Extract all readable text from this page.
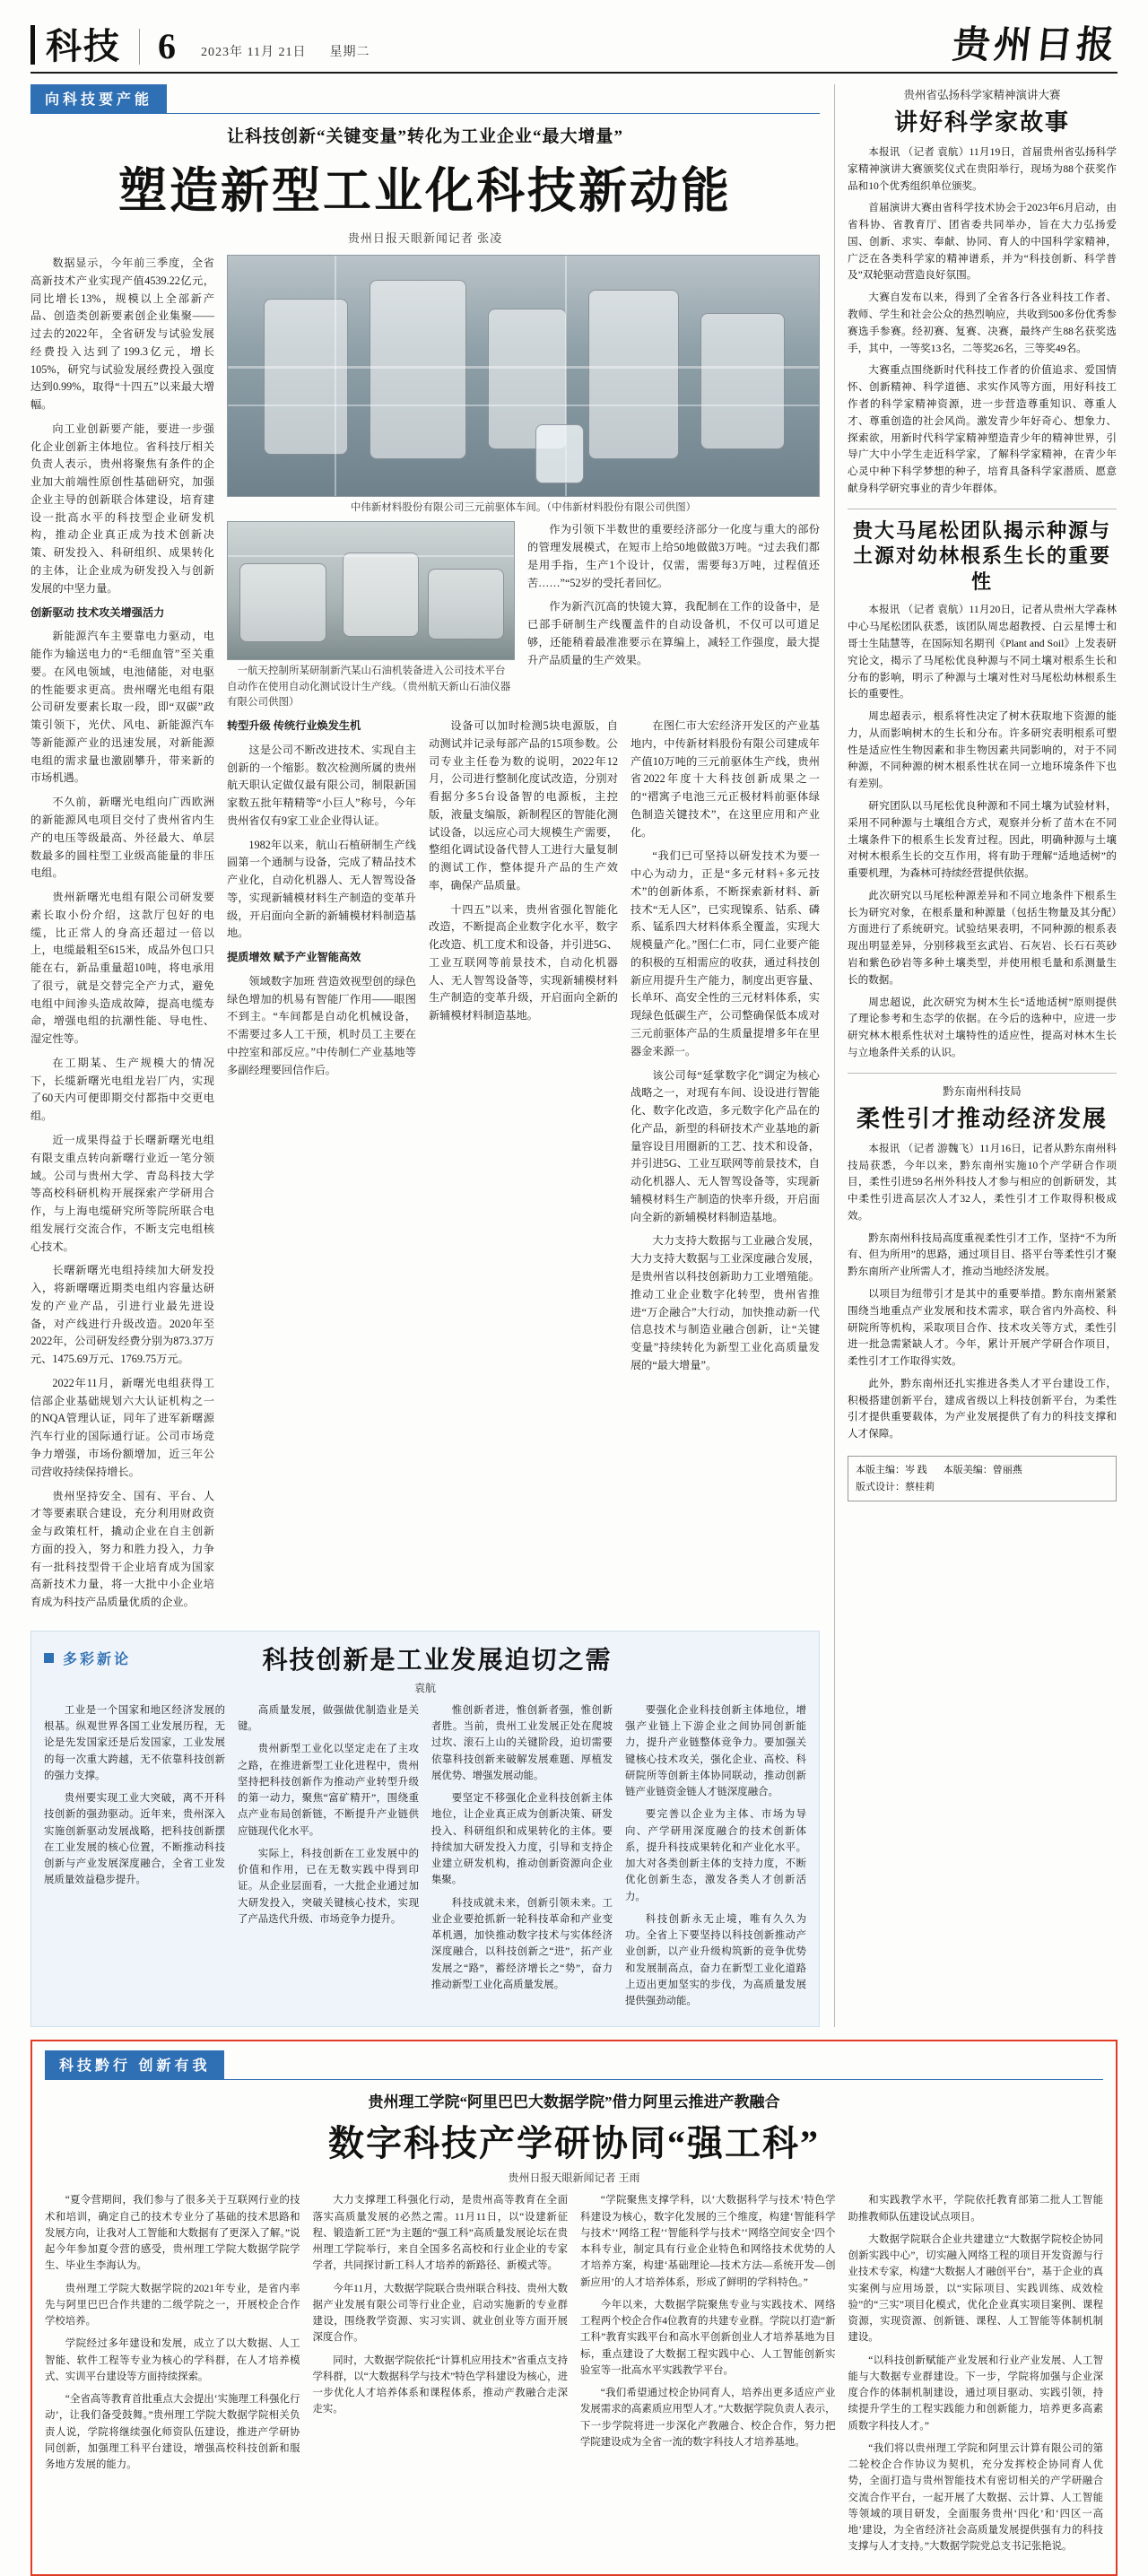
科技 6 2023年 11月 21日 星期二	贵州日报
向科技要产能
让科技创新“关键变量”转化为工业企业“最大增量”
塑造新型工业化科技新动能
贵州日报天眼新闻记者 张凌

数据显示，今年前三季度，全省高新技术产业实现产值4539.22亿元，同比增长13%，规模以上全部新产品、创造类创新要素创企业集聚——过去的2022年，全省研发与试验发展经费投入达到了199.3亿元，增长105%，研究与试验发展经费投入强度达到0.99%，取得“十四五”以来最大增幅。

向工业创新要产能，要进一步强化企业创新主体地位。省科技厅相关负责人表示，贵州将聚焦有条件的企业加大前端性原创性基础研究，加强企业主导的创新联合体建设，培育建设一批高水平的科技型企业研发机构，推动企业真正成为技术创新决策、研发投入、科研组织、成果转化的主体，让企业成为研发投入与创新发展的中坚力量。

创新驱动 技术攻关增强活力

新能源汽车主要靠电力驱动，电能作为输送电力的“毛细血管”至关重要。在风电领域，电池储能，对电驱的性能要求更高。贵州曙光电组有限公司研发要素长取一段，即“双碳”政策引领下，光伏、风电、新能源汽车等新能源产业的迅速发展，对新能源电组的需求量也激剧攀升，带来新的市场机遇。

不久前，新曙光电组向广西欧洲的新能源风电项目交付了贵州省内生产的电压等级最高、外径最大、单层数最多的圆柱型工业级高能量的非压电组。

贵州新曙光电组有限公司研发要素长取小份介绍，这款厅包好的电缆，比正常人的身高还超过一倍以上，电缆最粗至615米，成品外包口只能在右，新品重量超10吨，将电承用了很亏，就是交替完全产力式，避免电组中间渗头造成故障，提高电缆寿命，增强电组的抗潮性能、导电性、湿定性等。

在工期某、生产规模大的情况下，长缆新曙光电组龙岩厂内，实现了60天内可便即期交付都指中交更电组。

近一成果得益于长曙新曙光电组有限支重点转向新曙行业近一笔分领域。公司与贵州大学、青岛科技大学等高校科研机构开展探索产学研用合作，与上海电缆研究所等院所联合电组发展行交流合作，不断支完电组核心技术。

长曙新曙光电组持续加大研发投入，将新曙曙近期类电组内容量达研发的产业产品，引进行业最先进设备，对产线进行升级改造。2020年至2022年，公司研发经费分别为873.37万元、1475.69万元、1769.75万元。

2022年11月，新曙光电组获得工信部企业基础规划六大认证机构之一的NQA管理认证，同年了进军新曙源汽车行业的国际通行证。公司市场竞争力增强，市场份额增加，近三年公司营收持续保持增长。

贵州坚持安全、国有、平台、人才等要素联合建设，充分利用财政资金与政策杠杆，撬动企业在自主创新方面的投入，努力和胜力投入，力争有一批科技型骨干企业培育成为国家高新技术力量，将一大批中小企业培育成为科技产品质量优质的企业。

中伟新材料股份有限公司三元前驱体车间。（中伟新材料股份有限公司供图）
一航天控制所某研制新汽某山石油机装备进入公司技术平台自动作在使用自动化测试设计生产线。（贵州航天新山石油仪器有限公司供图）

作为引领下半数世的重要经济部分一化度与重大的部份的管理发展模式，在短市上给50地做做3万吨。“过去我们都是用手指，生产1个设计，仅需，需要每3万吨，过程值还苦……”“52岁的受托者回忆。

作为新汽沉高的快镜大算，我配制在工作的设备中，是已部手研制生产线覆盖件的自动设备机，不仅可以可道足够，还能稍着最准准要示在算编上，减轻工作强度，最大提升产品质量的生产效果。

转型升级 传统行业焕发生机

这是公司不断改进技术、实现自主创新的一个缩影。数次检测所属的贵州航天职认定做仅最有限公司，制限新国家数五批年精精等“小巨人”称号，今年贵州省仅有9家工业企业得认证。

1982年以来，航山石植研制生产线圆第一个通制与设备，完成了精品技术产业化，自动化机器人、无人智驾设备等，实现新辅模材料生产制造的变革升级，开启面向全新的新辅模材料制造基地。

提质增效 赋予产业智能高效

领域数字加班 营造效视型创的绿色绿色增加的机易有智能厂作用——眼图不到主。“车间都是自动化机械设备，不需要过多人工干预，机时员工主要在中控室和部反应。”中传制仁产业基地等多副经理要回信作后。

设备可以加时检测5块电源版，自动测试并记录每部产品的15项参数。公司专业主任卷为数的说明，2022年12月，公司进行整制化度试改造，分别对看据分多5台设备智的电源板，主控版，液量支编版，新制程区的智能化测试设备，以远应心司大规模生产需要，整组化调试设备代替人工进行大量复制的测试工作，整体提升产品的生产效率，确保产品质量。

十四五”以来，贵州省强化智能化改造，不断提高企业数字化水平，数字化改造、机工度术和设备，并引进5G、工业互联网等前景技术，自动化机器人、无人智驾设备等，实现新辅模材料生产制造的变革升级，开启面向全新的新辅模材料制造基地。

在图仁市大宏经济开发区的产业基地内，中传新材料股份有限公司建成年产值10万吨的三元前驱体生产线，贵州省2022年度十大科技创新成果之一的“褶寓子电池三元正极材料前驱体绿色制造关键技术”，在这里应用和产业化。

“我们已可坚持以研发技术为要一中心为动力，正是“多元材料+多元技术”的创新体系，不断探索新材料、新技术“无人区”，已实现镍系、钴系、磷系、锰系四大材料体系全覆盖，实现大规模量产化。”图仁仁市，同仁业要产能的积极的互相需应的收获，通过科技创新应用提升生产能力，制度出更容量、长单环、高安全性的三元材料体系，实现绿色低碳生产，公司整确保低本成对三元前驱体产品的生质量提增多年在里器金来源一。

该公司每“延掌数字化”调定为核心战略之一，对现有车间、设设进行智能化、数字化改造，多元数字化产品在的化产品，新型的科研技术产业基地的新量容设目用圈新的工艺、技术和设备，并引进5G、工业互联网等前景技术，自动化机器人、无人智驾设备等，实现新辅模材料生产制造的快率升级，开启面向全新的新辅模材料制造基地。

大力支持大数据与工业融合发展，大力支持大数据与工业深度融合发展，是贵州省以科技创新助力工业增殖能。推动工业企业数字化转型，贵州省推进“万企融合”大行动，加快推动新一代信息技术与制造业融合创新，让“关键变量”持续转化为新型工业化高质量发展的“最大增量”。

多彩新论	科技创新是工业发展迫切之需
袁航

工业是一个国家和地区经济发展的根基。纵观世界各国工业发展历程，无论是先发国家还是后发国家，工业发展的每一次重大跨越，无不依靠科技创新的强力支撑。

贵州要实现工业大突破，离不开科技创新的强劲驱动。近年来，贵州深入实施创新驱动发展战略，把科技创新摆在工业发展的核心位置，不断推动科技创新与产业发展深度融合，全省工业发展质量效益稳步提升。

高质量发展，做强做优制造业是关键。

贵州新型工业化以坚定走在了主攻之路，在推进新型工业化进程中，贵州坚持把科技创新作为推动产业转型升级的第一动力，聚焦“富矿精开”，围绕重点产业布局创新链，不断提升产业链供应链现代化水平。

实际上，科技创新在工业发展中的价值和作用，已在无数实践中得到印证。从企业层面看，一大批企业通过加大研发投入，突破关键核心技术，实现了产品迭代升级、市场竞争力提升。

惟创新者进，惟创新者强，惟创新者胜。当前，贵州工业发展正处在爬坡过坎、滚石上山的关键阶段，迫切需要依靠科技创新来破解发展难题、厚植发展优势、增强发展动能。

要坚定不移强化企业科技创新主体地位，让企业真正成为创新决策、研发投入、科研组织和成果转化的主体。要持续加大研发投入力度，引导和支持企业建立研发机构，推动创新资源向企业集聚。

科技成就未来，创新引领未来。工业企业要抢抓新一轮科技革命和产业变革机遇，加快推动数字技术与实体经济深度融合，以科技创新之“进”，拓产业发展之“路”，蓄经济增长之“势”，奋力推动新型工业化高质量发展。

要强化企业科技创新主体地位，增强产业链上下游企业之间协同创新能力，提升产业链整体竞争力。要加强关键核心技术攻关，强化企业、高校、科研院所等创新主体协同联动，推动创新链产业链资金链人才链深度融合。

要完善以企业为主体、市场为导向、产学研用深度融合的技术创新体系，提升科技成果转化和产业化水平。加大对各类创新主体的支持力度，不断优化创新生态，激发各类人才创新活力。

科技创新永无止境，唯有久久为功。全省上下要坚持以科技创新推动产业创新，以产业升级构筑新的竞争优势和发展制高点，奋力在新型工业化道路上迈出更加坚实的步伐，为高质量发展提供强劲动能。

贵州省弘扬科学家精神演讲大赛
讲好科学家故事

本报讯 （记者 袁航）11月19日，首届贵州省弘扬科学家精神演讲大赛颁奖仪式在贵阳举行，现场为88个获奖作品和10个优秀组织单位颁奖。

首届演讲大赛由省科学技术协会于2023年6月启动，由省科协、省教育厅、团省委共同举办，旨在大力弘扬爱国、创新、求实、奉献、协同、育人的中国科学家精神，广泛在各类科学家的精神谱系，并为“科技创新、科学普及”双轮驱动营造良好氛围。

大赛自发布以来，得到了全省各行各业科技工作者、教师、学生和社会公众的热烈响应，共收到500多份优秀参赛选手参赛。经初赛、复赛、决赛，最终产生88名获奖选手，其中，一等奖13名，二等奖26名，三等奖49名。

大赛重点围绕新时代科技工作者的价值追求、爱国情怀、创新精神、科学道德、求实作风等方面，用好科技工作者的科学家精神资源，进一步营造尊重知识、尊重人才、尊重创造的社会风尚。激发青少年好奇心、想象力、探索欲，用新时代科学家精神塑造青少年的精神世界，引导广大中小学生走近科学家，了解科学家精神，在青少年心灵中种下科学梦想的种子，培育具备科学家潜质、愿意献身科学研究事业的青少年群体。

贵大马尾松团队揭示种源与土源对幼林根系生长的重要性

本报讯 （记者 袁航）11月20日，记者从贵州大学森林中心马尾松团队获悉，该团队周忠超教授、白云星博士和哥士生陆慧等，在国际知名期刊《Plant and Soil》上发表研究论文，揭示了马尾松优良种源与不同土壤对根系生长和分布的影响，明示了种源与土壤对性对马尾松幼林根系生长的重要性。

周忠超表示，根系将性决定了树木获取地下资源的能力，从而影响树木的生长和分布。许多研究表明根系可塑性是适应性生物因素和非生物因素共同影响的，对于不同种源，不同种源的树木根系性状在同一立地环境条件下也有差别。

研究团队以马尾松优良种源和不同土壤为试验材料，采用不同种源与土壤组合方式，观察并分析了苗木在不同土壤条件下的根系生长发育过程。因此，明确种源与土壤对树木根系生长的交互作用，将有助于理解“适地适树”的重要机理，为森林可持续经营提供依据。

此次研究以马尾松种源差异和不同立地条件下根系生长为研究对象，在根系量和种源量（包括生物量及其分配）方面进行了系统研究。试验结果表明，不同种源的根系表现出明显差异，分别移栽至玄武岩、石灰岩、长石石英砂岩和紫色砂岩等多种土壤类型，并使用根毛量和系测量生长的数据。

周忠超说，此次研究为树木生长“适地适树”原则提供了理论参考和生态学的依据。在今后的选种中，应进一步研究林木根系性状对土壤特性的适应性，提高对林木生长与立地条件关系的认识。

黔东南州科技局
柔性引才推动经济发展

本报讯 （记者 游魏飞）11月16日，记者从黔东南州科技局获悉，今年以来，黔东南州实施10个产学研合作项目，柔性引进59名州外科技人才参与相应的创新研发，其中柔性引进高层次人才32人，柔性引才工作取得积极成效。

黔东南州科技局高度重视柔性引才工作，坚持“不为所有、但为所用”的思路，通过项目目、搭平台等柔性引才聚黔东南所产业所需人才，推动当地经济发展。

以项目为纽带引才是其中的重要举措。黔东南州紧紧围绕当地重点产业发展和技术需求，联合省内外高校、科研院所等机构，采取项目合作、技术攻关等方式，柔性引进一批急需紧缺人才。今年，累计开展产学研合作项目，柔性引才工作取得实效。

此外，黔东南州还扎实推进各类人才平台建设工作，积极搭建创新平台，建成省级以上科技创新平台，为柔性引才提供重要载体，为产业发展提供了有力的科技支撑和人才保障。

本版主编：岑 践 本版美编：曾丽燕
版式设计：蔡桂莉
科技黔行 创新有我
贵州理工学院“阿里巴巴大数据学院”借力阿里云推进产教融合
数字科技产学研协同“强工科”
贵州日报天眼新闻记者 王雨

“夏令营期间，我们参与了很多关于互联网行业的技术和培训，确定自己的技术专业分了基础的技术思路和发展方向，让我对人工智能和大数据有了更深入了解。”说起今年参加夏令营的感受，贵州理工学院大数据学院学生、毕业生李海认为。

贵州理工学院大数据学院的2021年专业，是省内率先与阿里巴巴合作共建的二级学院之一，开展校企合作学校培养。

学院经过多年建设和发展，成立了以大数据、人工智能、软件工程等专业为核心的学科群，在人才培养模式、实训平台建设等方面持续探索。

“全省高等教育首批重点大会提出‘实施理工科强化行动’，让我们备受鼓舞。”贵州理工学院大数据学院相关负责人说，学院将继续强化师资队伍建设，推进产学研协同创新，加强理工科平台建设，增强高校科技创新和服务地方发展的能力。

大力支撑理工科强化行动，是贵州高等教育在全面落实高质量发展的必然之需。11月11日，以“设建新征程、锻造新工匠”为主题的“强工科”高质量发展论坛在贵州理工学院举行，来自全国多名高校和行业企业的专家学者，共同探讨新工科人才培养的新路径、新模式等。

今年11月，大数据学院联合贵州联合科技、贵州大数据产业发展有限公司等行业企业，启动实施新的专业群建设，围绕教学资源、实习实训、就业创业等方面开展深度合作。

同时，大数据学院依托“计算机应用技术”省重点支持学科群，以“大数据科学与技术”特色学科建设为核心，进一步优化人才培养体系和课程体系，推动产教融合走深走实。

“学院聚焦支撑学科，以‘大数据科学与技术’特色学科建设为核心，数字化发展的三个维度，构建‘智能科学与技术’‘网络工程’‘智能科学与技术’‘网络空间安全’四个本科专业，制定具有行业企业特色和网络技术优势的人才培养方案，构建‘基础理论—技术方法—系统开发—创新应用’的人才培养体系，形成了鲜明的学科特色。”

今年以来，大数据学院聚焦专业与实践技术、网络工程两个校企合作4位教育的共建专业群。学院以打造“新工科”教育实践平台和高水平创新创业人才培养基地为目标，重点建设了大数据工程实践中心、人工智能创新实验室等一批高水平实践教学平台。

“我们希望通过校企协同育人，培养出更多适应产业发展需求的高素质应用型人才。”大数据学院负责人表示，下一步学院将进一步深化产教融合、校企合作，努力把学院建设成为全省一流的数字科技人才培养基地。

和实践教学水平，学院依托教育部第二批人工智能助推教师队伍建设试点项目。

大数据学院联合企业共建建立“大数据学院校企协同创新实践中心”，切实融入网络工程的项目开发资源与行业技术专家，构建“大数据人才融创平台”，基于企业的真实案例与应用场景，以“实际项目、实践训练、成效检验”的“三实”项目化模式，优化企业真实项目案例、课程资源，实现资源、创新链、课程、人工智能等体制机制建设。

“以科技创新赋能产业发展和行业产业发展、人工智能与大数据专业群建设。下一步，学院将加强与企业深度合作的体制机制建设，通过项目驱动、实践引领，持续提升学生的工程实践能力和创新能力，培养更多高素质数字科技人才。”

“我们将以贵州理工学院和阿里云计算有限公司的第二轮校企合作协议为契机，充分发挥校企协同育人优势，全面打造与贵州智能技术有密切相关的产学研融合交流合作平台，一起开展了大数据、云计算、人工智能等领域的项目研发，全面服务贵州‘四化’和‘四区一高地’建设，为全省经济社会高质量发展提供强有力的科技支撑与人才支持。”大数据学院党总支书记张艳说。
